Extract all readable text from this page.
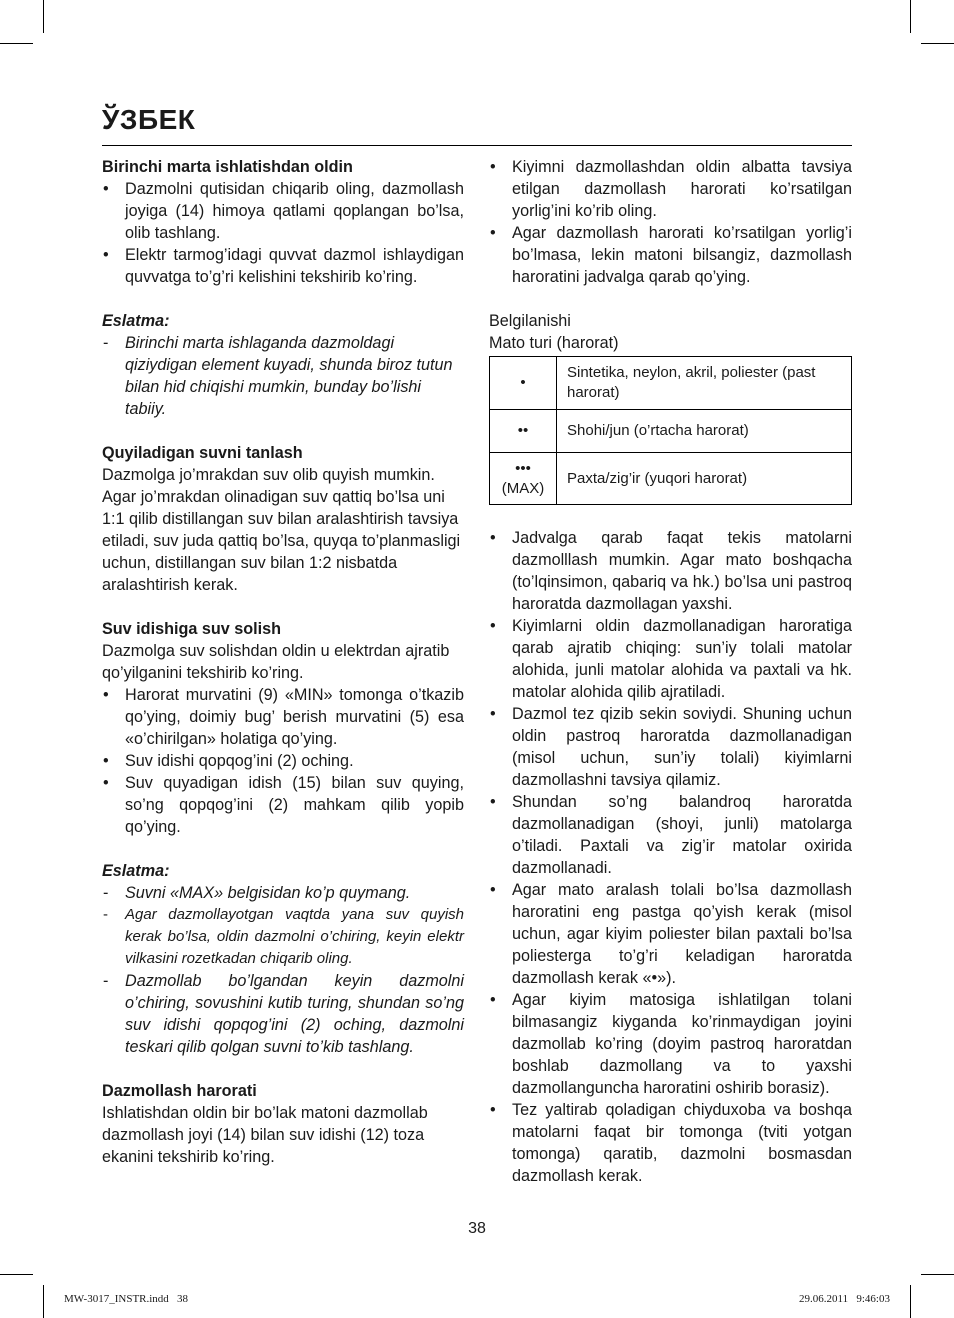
ЎЗБЕК
Birinchi marta ishlatishdan oldin
• Dazmolni qutisidan chiqarib oling, dazmollash joyiga (14) himoya qatlami qoplangan bo’lsa, olib tashlang.
• Elektr tarmog’idagi quvvat dazmol ishlaydigan quvvatga to’g’ri kelishini tekshirib ko’ring.

Eslatma:

- Birinchi marta ishlaganda dazmoldagi qiziydigan element kuyadi, shunda biroz tutun bilan hid chiqishi mumkin, bunday bo’lishi tabiiy.
Quyiladigan suvni tanlash

Dazmolga jo’mrakdan suv olib quyish mumkin. Agar jo’mrakdan olinadigan suv qattiq bo’lsa uni 1:1 qilib distillangan suv bilan aralashtirish tavsiya etiladi, suv juda qattiq bo’lsa, quyqa to’planmasligi uchun, distillangan suv bilan 1:2 nisbatda aralashtirish kerak.

Suv idishiga suv solish

Dazmolga suv solishdan oldin u elektrdan ajratib qo’yilganini tekshirib ko’ring.

• Harorat murvatini (9) «MIN» tomonga o’tkazib qo’ying, doimiy bug’ berish murvatini (5) esa «o’chirilgan» holatiga qo’ying.
• Suv idishi qopqog’ini (2) oching.
• Suv quyadigan idish (15) bilan suv quying, so’ng qopqog’ini (2) mahkam qilib yopib qo’ying.

Eslatma:

- Suvni «MAX» belgisidan ko’p quymang.
- Agar dazmollayotgan vaqtda yana suv quyish kerak bo’lsa, oldin dazmolni o’chiring, keyin elektr vilkasini rozetkadan chiqarib oling.
- Dazmollab bo’lgandan keyin dazmolni o’chiring, sovushini kutib turing, shundan so’ng suv idishi qopqog’ini (2) oching, dazmolni teskari qilib qolgan suvni to’kib tashlang.
Dazmollash harorati

Ishlatishdan oldin bir bo’lak matoni dazmollab dazmollash joyi (14) bilan suv idishi (12) toza ekanini tekshirib ko’ring.

• Kiyimni dazmollashdan oldin albatta tavsiya etilgan dazmollash harorati ko’rsatilgan yorlig’ini ko’rib oling.
• Agar dazmollash harorati ko’rsatilgan yorlig’i bo’lmasa, lekin matoni bilsangiz, dazmollash haroratini jadvalga qarab qo’ying.

Belgilanishi

Mato turi (harorat)

•	Sintetika, neylon, akril, poliester (past harorat)
••	Shohi/jun (o’rtacha harorat)

•••
(MAX)	Paxta/zig’ir (yuqori harorat)
• Jadvalga qarab faqat tekis matolarni dazmolllash mumkin. Agar mato boshqacha (to’lqinsimon, qabariq va hk.) bo’lsa uni pastroq haroratda dazmollagan yaxshi.
• Kiyimlarni oldin dazmollanadigan haroratiga qarab ajratib chiqing: sun’iy tolali matolar alohida, junli matolar alohida va paxtali va hk. matolar alohida qilib ajratiladi.
• Dazmol tez qizib sekin soviydi. Shuning uchun oldin pastroq haroratda dazmollanadigan (misol uchun, sun’iy tolali) kiyimlarni dazmollashni tavsiya qilamiz.
• Shundan so’ng balandroq haroratda dazmollanadigan (shoyi, junli) matolarga o’tiladi. Paxtali va zig’ir matolar oxirida dazmollanadi.
• Agar mato aralash tolali bo’lsa dazmollash haroratini eng pastga qo’yish kerak (misol uchun, agar kiyim poliester bilan paxtali bo’lsa poliesterga to’g’ri keladigan haroratda dazmollash kerak «•»).
• Agar kiyim matosiga ishlatilgan tolani bilmasangiz kiyganda ko’rinmaydigan joyini dazmollab ko’ring (doyim pastroq haroratdan boshlab dazmollang va to yaxshi dazmollanguncha haroratini oshirib borasiz).
• Tez yaltirab qoladigan chiyduxoba va boshqa matolarni faqat bir tomonga (tviti yotgan tomonga) qaratib, dazmolni bosmasdan dazmollash kerak.
38
MW-3017_INSTR.indd   38	29.06.2011   9:46:03
